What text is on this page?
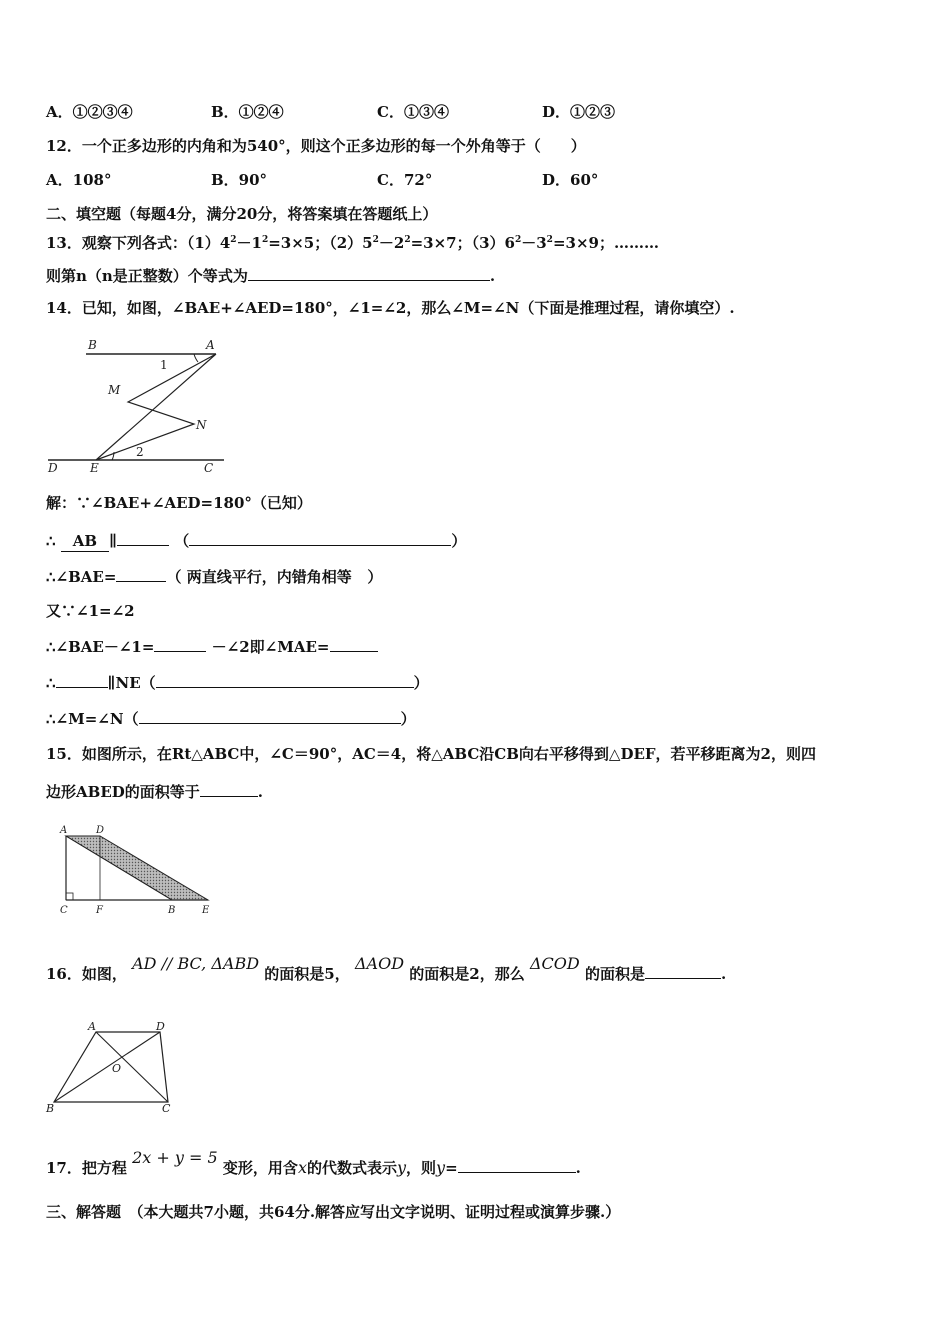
A．①②③④	B．①②④	C．①③④	D．①②③
12．一个正多边形的内角和为540°，则这个正多边形的每一个外角等于（　　）
A．108°	B．90°	C．72°	D．60°
二、填空题（每题4分，满分20分，将答案填在答题纸上）
13．观察下列各式：$(1)4^2-1^2=3\times 5$；$(2)5^2-2^2=3\times 7$；$(3)6^2-3^2=3\times 9$；………
则第n（n是正整数）个等式为	.
14．已知，如图，∠BAE+∠AED=180°，∠1=∠2，那么∠M=∠N（下面是推理过程，请你填空）.
B	A
1
M
N
2
D	E	C
解：∵∠BAE+∠AED=180°（已知）
∴ AB ∥	（	）
∴∠BAE=	（ 两直线平行，内错角相等 ）
又∵∠1=∠2
∴∠BAE－∠1=	－∠2即∠MAE=
∴	∥NE（	）
∴∠M=∠N（	）
15．如图所示，在Rt△ABC中，∠C＝90°，AC＝4，将△ABC沿CB向右平移得到△DEF，若平移距离为2，则四
边形ABED的面积等于	.
A	D
C	F	B	E
16．如图， AD // BC, ΔABD 的面积是5， ΔAOD 的面积是2，那么 ΔCOD 的面积是	.
A	D
O
B	C
17．把方程 2x + y = 5 变形，用含x的代数式表示y，则y=	.
三、解答题　（本大题共7小题，共64分.解答应写出文字说明、证明过程或演算步骤.）
